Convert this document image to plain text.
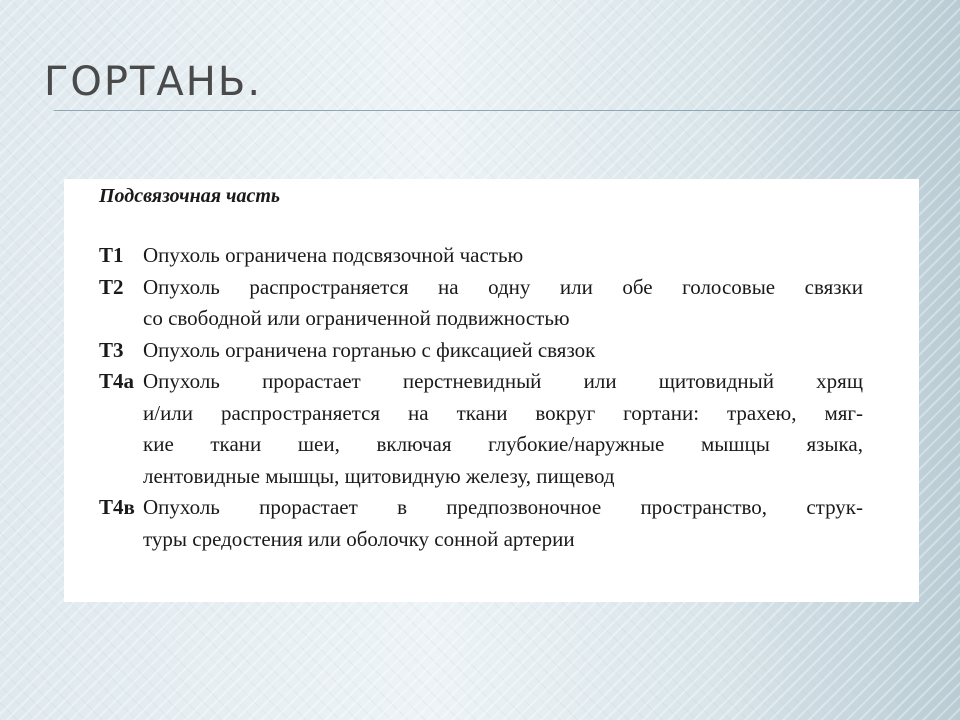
ГОРТАНЬ.
Подсвязочная часть
Т1 Опухоль ограничена подсвязочной частью
Т2 Опухоль распространяется на одну или обе голосовые связки
со свободной или ограниченной подвижностью
Т3 Опухоль ограничена гортанью с фиксацией связок
Т4а Опухоль прорастает перстневидный или щитовидный хрящ
и/или распространяется на ткани вокруг гортани: трахею, мяг-
кие ткани шеи, включая глубокие/наружные мышцы языка,
лентовидные мышцы, щитовидную железу, пищевод
Т4в Опухоль прорастает в предпозвоночное пространство, струк-
туры средостения или оболочку сонной артерии
